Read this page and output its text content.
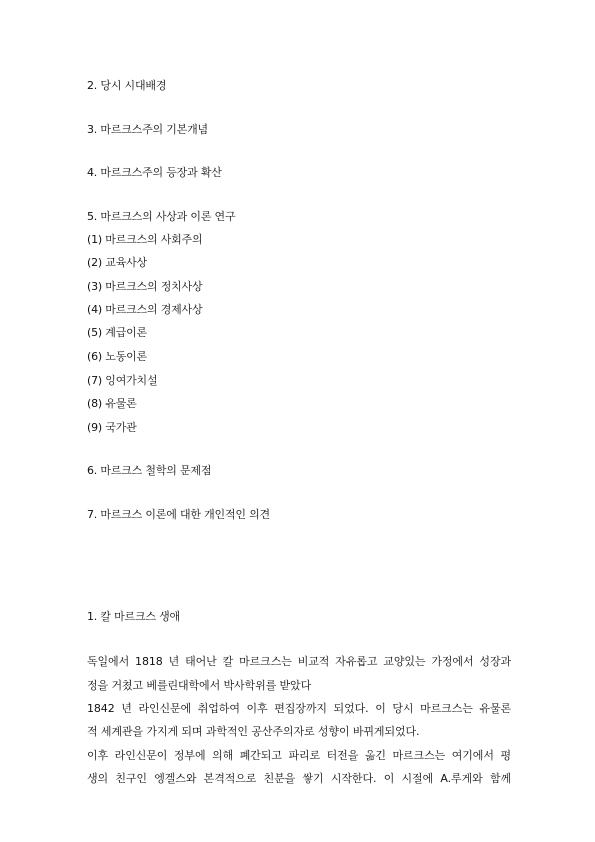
2. 당시 시대배경
3. 마르크스주의 기본개념
4. 마르크스주의 등장과 확산
5. 마르크스의 사상과 이론 연구
(1) 마르크스의 사회주의
(2) 교육사상
(3) 마르크스의 정치사상
(4) 마르크스의 경제사상
(5) 계급이론
(6) 노동이론
(7) 잉여가치설
(8) 유물론
(9) 국가관
6. 마르크스 철학의 문제점
7. 마르크스 이론에 대한 개인적인 의견
1. 칼 마르크스 생애
독일에서 1818 년 태어난 칼 마르크스는 비교적 자유롭고 교양있는 가정에서 성장과
정을 거쳤고 베를린대학에서 박사학위를 받았다
1842 년 라인신문에 취업하여 이후 편집장까지 되었다. 이 당시 마르크스는 유물론
적 세계관을 가지게 되며 과학적인 공산주의자로 성향이 바뀌게되었다.
이후 라인신문이 정부에 의해 폐간되고 파리로 터전을 옮긴 마르크스는 여기에서 평
생의 친구인 엥겔스와 본격적으로 친분을 쌓기 시작한다. 이 시절에 A.루게와 함께
